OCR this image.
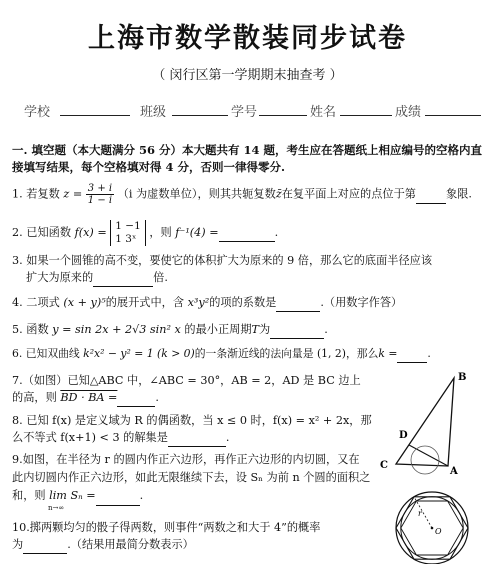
上海市数学散装同步试卷
（ 闵行区第一学期期末抽查考 ）
学校	班级	学号	姓名	成绩
一. 填空题（本大题满分 56 分）本大题共有 14 题，考生应在答题纸上相应编号的空格内直接填写结果，每个空格填对得 4 分，否则一律得零分.
1. 若复数 $z = \frac{3 + i}{1 - i} (i$ 为虚数单位），则其共轭复数z̄在复平面上对应的点位于第	象限.
2. 已知函数 f(x) = 1 −1
1 3ˣ	，则 f⁻¹(4) =	.
3. 如果一个圆锥的高不变，要使它的体积扩大为原来的 9 倍，那么它的底面半径应该
扩大为原来的	倍.
4. 二项式 (x + y)⁵的展开式中，含 x³y²的项的系数是	.（用数字作答）
5. 函数 y = sin 2x + 2√3 sin² x 的最小正周期T为	.
6. 已知双曲线 k²x² − y² = 1 (k > 0)的一条渐近线的法向量是 (1, 2)，那么k =	.
7.（如图）已知△ABC 中，∠ABC = 30°，AB = 2，AD 是 BC 边上
的高，则 BD · BA =	.
8. 已知 f(x) 是定义域为 R 的偶函数，当 x ≤ 0 时，f(x) = x² + 2x，那
么不等式 f(x+1) < 3 的解集是	.
9.如图，在半径为 r 的圆内作正六边形，再作正六边形的内切圆，又在
此内切圆内作正六边形，如此无限继续下去，设 Sₙ 为前 n 个圆的面积之
和，则 lim Sₙ =	.
n→∞
10.掷两颗均匀的骰子得两数，则事件“两数之和大于 4”的概率
为	.（结果用最简分数表示）
B
D
C
A
r
O
